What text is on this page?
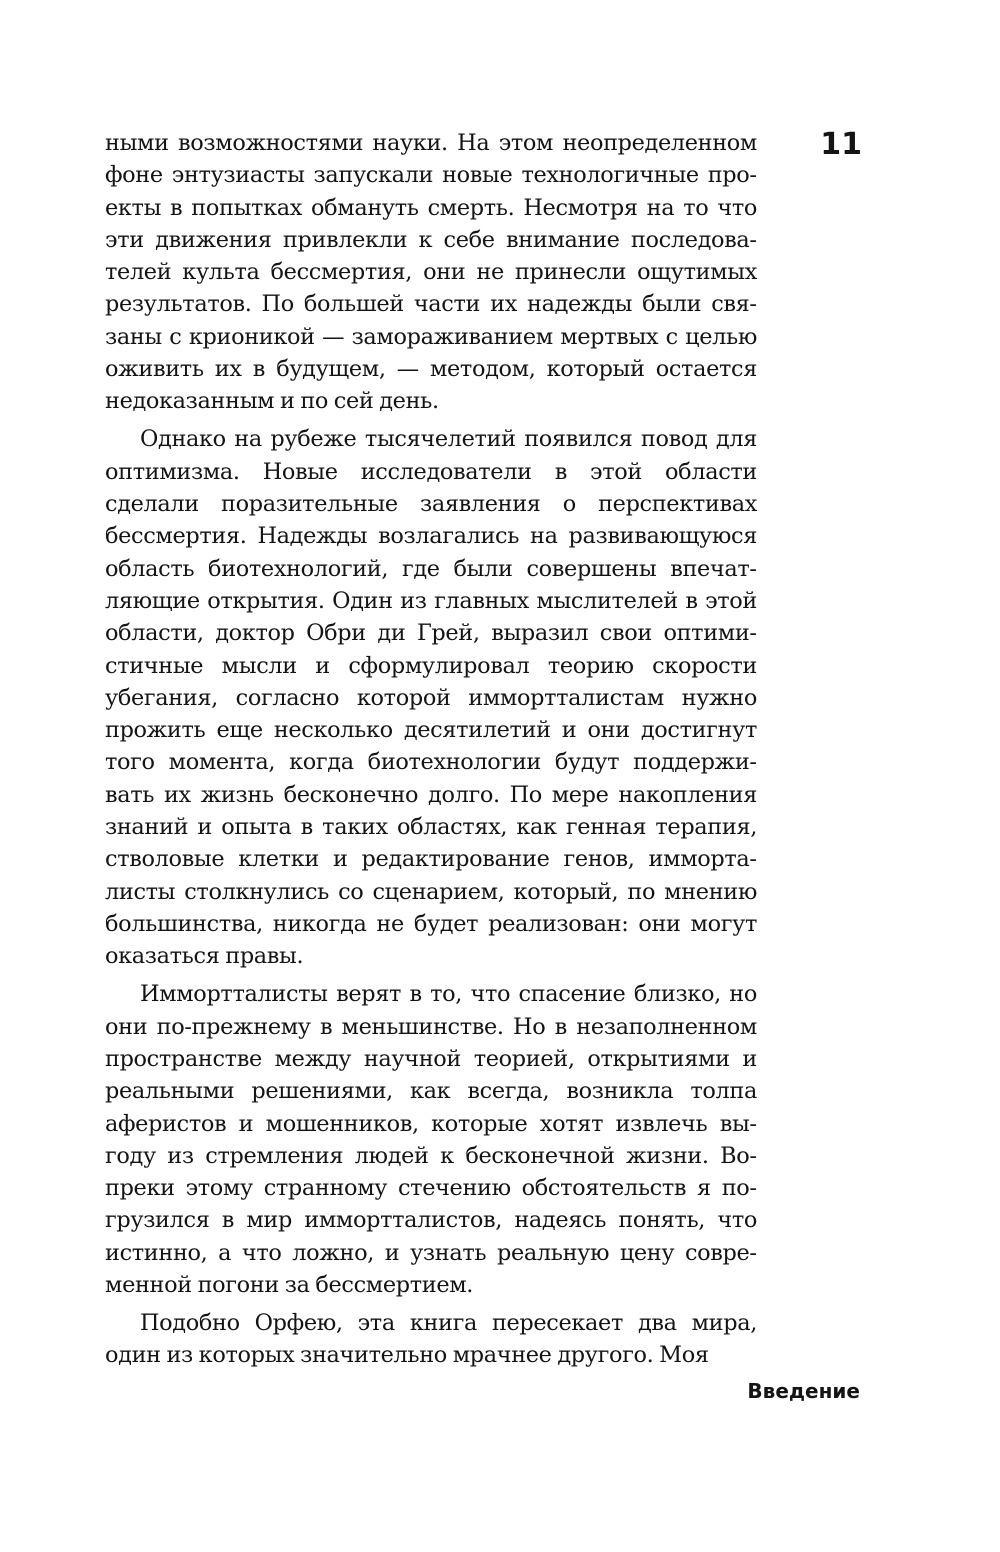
11

ными возможностями науки. На этом неопределенном фоне энтузиасты запускали новые технологичные проекты в попытках обмануть смерть. Несмотря на то что эти движения привлекли к себе внимание последователей культа бессмертия, они не принесли ощутимых результатов. По большей части их надежды были связаны с крионикой — замораживанием мертвых с целью оживить их в будущем, — методом, который остается недоказанным и по сей день.

Однако на рубеже тысячелетий появился повод для оптимизма. Новые исследователи в этой области сделали поразительные заявления о перспективах бессмертия. Надежды возлагались на развивающуюся область биотехнологий, где были совершены впечатляющие открытия. Один из главных мыслителей в этой области, доктор Обри ди Грей, выразил свои оптимистичные мысли и сформулировал теорию скорости убегания, согласно которой иммортталистам нужно прожить еще несколько десятилетий и они достигнут того момента, когда биотехнологии будут поддерживать их жизнь бесконечно долго. По мере накопления знаний и опыта в таких областях, как генная терапия, стволовые клетки и редактирование генов, имморталисты столкнулись со сценарием, который, по мнению большинства, никогда не будет реализован: они могут оказаться правы.

Иммортталисты верят в то, что спасение близко, но они по-прежнему в меньшинстве. Но в незаполненном пространстве между научной теорией, открытиями и реальными решениями, как всегда, возникла толпа аферистов и мошенников, которые хотят извлечь выгоду из стремления людей к бесконечной жизни. Вопреки этому странному стечению обстоятельств я погрузился в мир иммортталистов, надеясь понять, что истинно, а что ложно, и узнать реальную цену современной погони за бессмертием.

Подобно Орфею, эта книга пересекает два мира, один из которых значительно мрачнее другого. Моя

Введение
